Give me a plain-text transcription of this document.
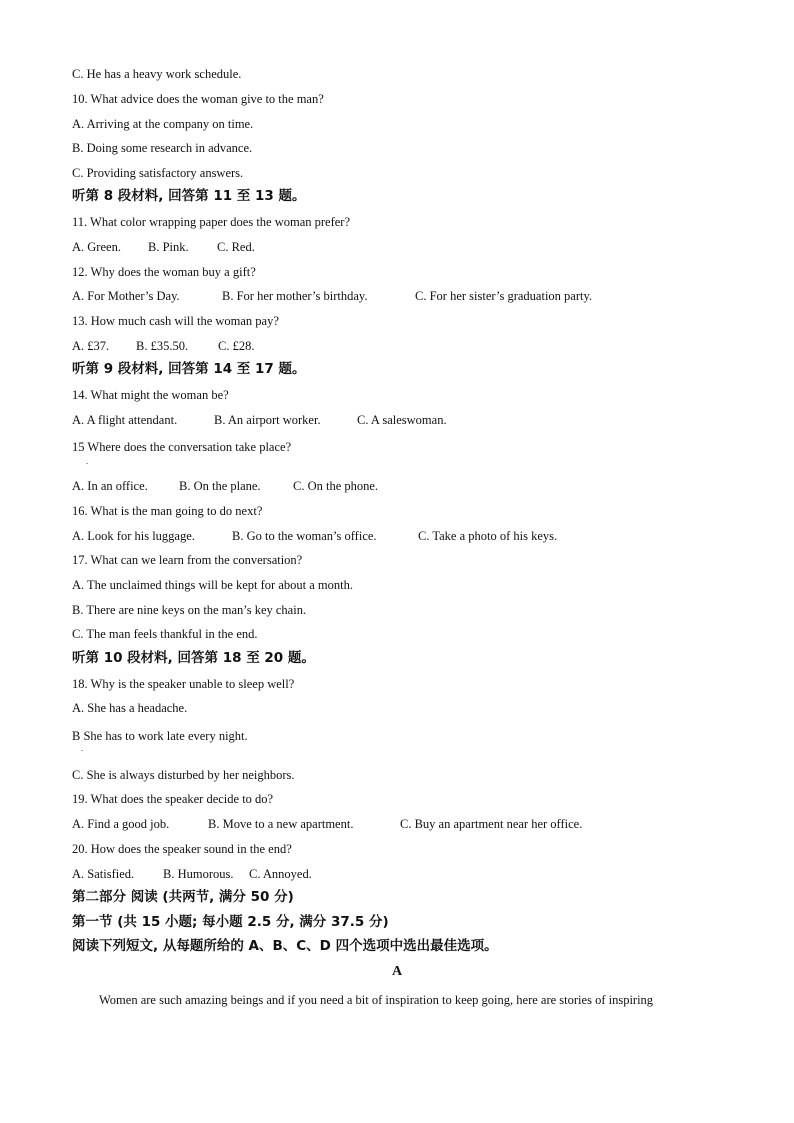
C. He has a heavy work schedule.
10. What advice does the woman give to the man?
A. Arriving at the company on time.
B. Doing some research in advance.
C. Providing satisfactory answers.
听第 8 段材料, 回答第 11 至 13 题。
11. What color wrapping paper does the woman prefer?
A. Green. B. Pink. C. Red.
12. Why does the woman buy a gift?
A. For Mother’s Day.	B. For her mother’s birthday.	C. For her sister’s graduation party.
13. How much cash will the woman pay?
A. £37. B. £35.50. C. £28.
听第 9 段材料, 回答第 14 至 17 题。
14. What might the woman be?
A. A flight attendant.	B. An airport worker.	C. A saleswoman.
15 Where does the conversation take place?
.
A. In an office. B. On the plane.	C. On the phone.
16. What is the man going to do next?
A. Look for his luggage.	B. Go to the woman’s office.	C. Take a photo of his keys.
17. What can we learn from the conversation?
A. The unclaimed things will be kept for about a month.
B. There are nine keys on the man’s key chain.
C. The man feels thankful in the end.
听第 10 段材料, 回答第 18 至 20 题。
18. Why is the speaker unable to sleep well?
A. She has a headache.
B She has to work late every night.
.
C. She is always disturbed by her neighbors.
19. What does the speaker decide to do?
A. Find a good job.	B. Move to a new apartment.	C. Buy an apartment near her office.
20. How does the speaker sound in the end?
A. Satisfied. B. Humorous. C. Annoyed.
第二部分 阅读 (共两节, 满分 50 分)
第一节 (共 15 小题; 每小题 2.5 分, 满分 37.5 分)
阅读下列短文, 从每题所给的 A、B、C、D 四个选项中选出最佳选项。
A
Women are such amazing beings and if you need a bit of inspiration to keep going, here are stories of inspiring
